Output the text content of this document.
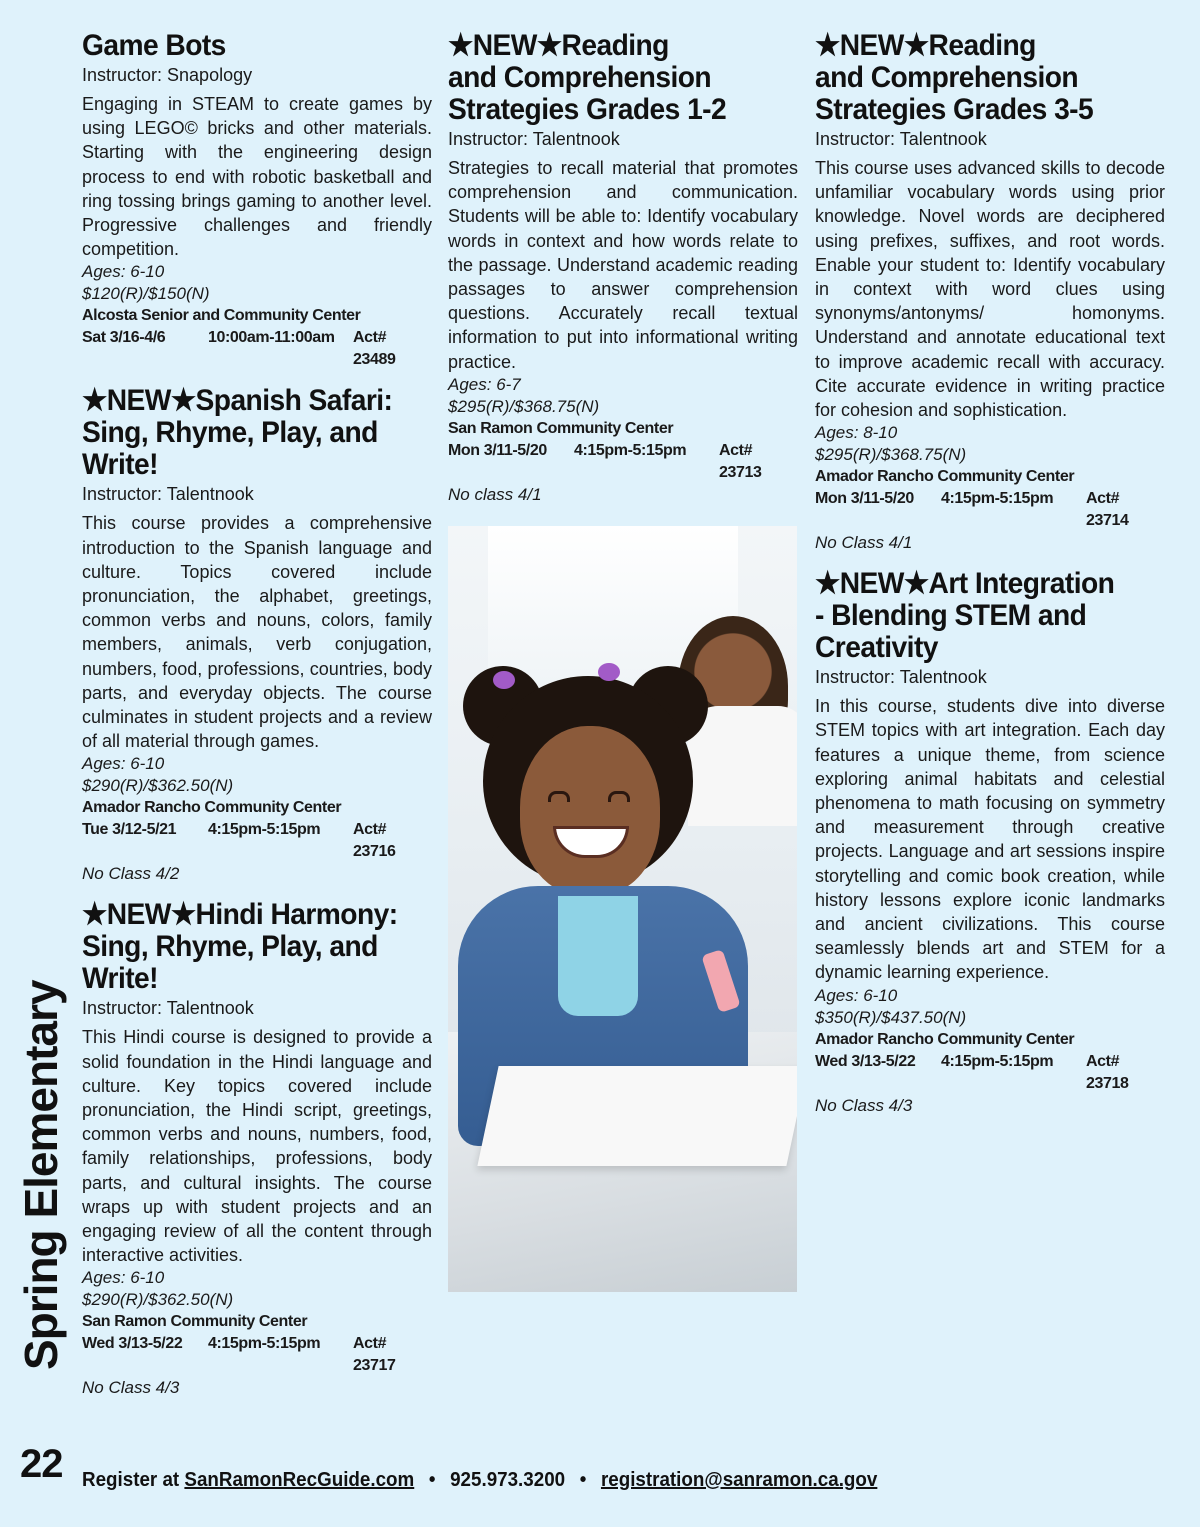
Spring Elementary
Game Bots
Instructor: Snapology

Engaging in STEAM to create games by using LEGO© bricks and other materials. Starting with the engineering design process to end with robotic basketball and ring tossing brings gaming to another level. Progressive challenges and friendly competition.

Ages: 6-10
$120(R)/$150(N)
Alcosta Senior and Community Center
Sat 3/16-4/6	10:00am-11:00am	Act# 23489
★NEW★Spanish Safari:
Sing, Rhyme, Play, and
Write!
Instructor: Talentnook

This course provides a comprehensive introduction to the Spanish language and culture. Topics covered include pronunciation, the alphabet, greetings, common verbs and nouns, colors, family members, animals, verb conjugation, numbers, food, professions, countries, body parts, and everyday objects. The course culminates in student projects and a review of all material through games.

Ages: 6-10
$290(R)/$362.50(N)
Amador Rancho Community Center
Tue 3/12-5/21	4:15pm-5:15pm	Act# 23716
No Class 4/2
★NEW★Hindi Harmony:
Sing, Rhyme, Play, and
Write!
Instructor: Talentnook

This Hindi course is designed to provide a solid foundation in the Hindi language and culture. Key topics covered include pronunciation, the Hindi script, greetings, common verbs and nouns, numbers, food, family relationships, professions, body parts, and cultural insights. The course wraps up with student projects and an engaging review of all the content through interactive activities.

Ages: 6-10
$290(R)/$362.50(N)
San Ramon Community Center
Wed 3/13-5/22	4:15pm-5:15pm	Act# 23717
No Class 4/3
★NEW★Reading
and Comprehension
Strategies Grades 1-2
Instructor: Talentnook

Strategies to recall material that promotes comprehension and communication. Students will be able to: Identify vocabulary words in context and how words relate to the passage. Understand academic reading passages to answer comprehension questions. Accurately recall textual information to put into informational writing practice.

Ages: 6-7
$295(R)/$368.75(N)
San Ramon Community Center
Mon 3/11-5/20	4:15pm-5:15pm	Act# 23713
No class 4/1
★NEW★Reading
and Comprehension
Strategies Grades 3-5
Instructor: Talentnook

This course uses advanced skills to decode unfamiliar vocabulary words using prior knowledge. Novel words are deciphered using prefixes, suffixes, and root words. Enable your student to: Identify vocabulary in context with word clues using synonyms/antonyms/ homonyms. Understand and annotate educational text to improve academic recall with accuracy. Cite accurate evidence in writing practice for cohesion and sophistication.

Ages: 8-10
$295(R)/$368.75(N)
Amador Rancho Community Center
Mon 3/11-5/20	4:15pm-5:15pm	Act# 23714
No Class 4/1
★NEW★Art Integration
- Blending STEM and
Creativity
Instructor: Talentnook

In this course, students dive into diverse STEM topics with art integration. Each day features a unique theme, from science exploring animal habitats and celestial phenomena to math focusing on symmetry and measurement through creative projects. Language and art sessions inspire storytelling and comic book creation, while history lessons explore iconic landmarks and ancient civilizations. This course seamlessly blends art and STEM for a dynamic learning experience.

Ages: 6-10
$350(R)/$437.50(N)
Amador Rancho Community Center
Wed 3/13-5/22	4:15pm-5:15pm	Act# 23718
No Class 4/3
22 Register at SanRamonRecGuide.com • 925.973.3200 • registration@sanramon.ca.gov
